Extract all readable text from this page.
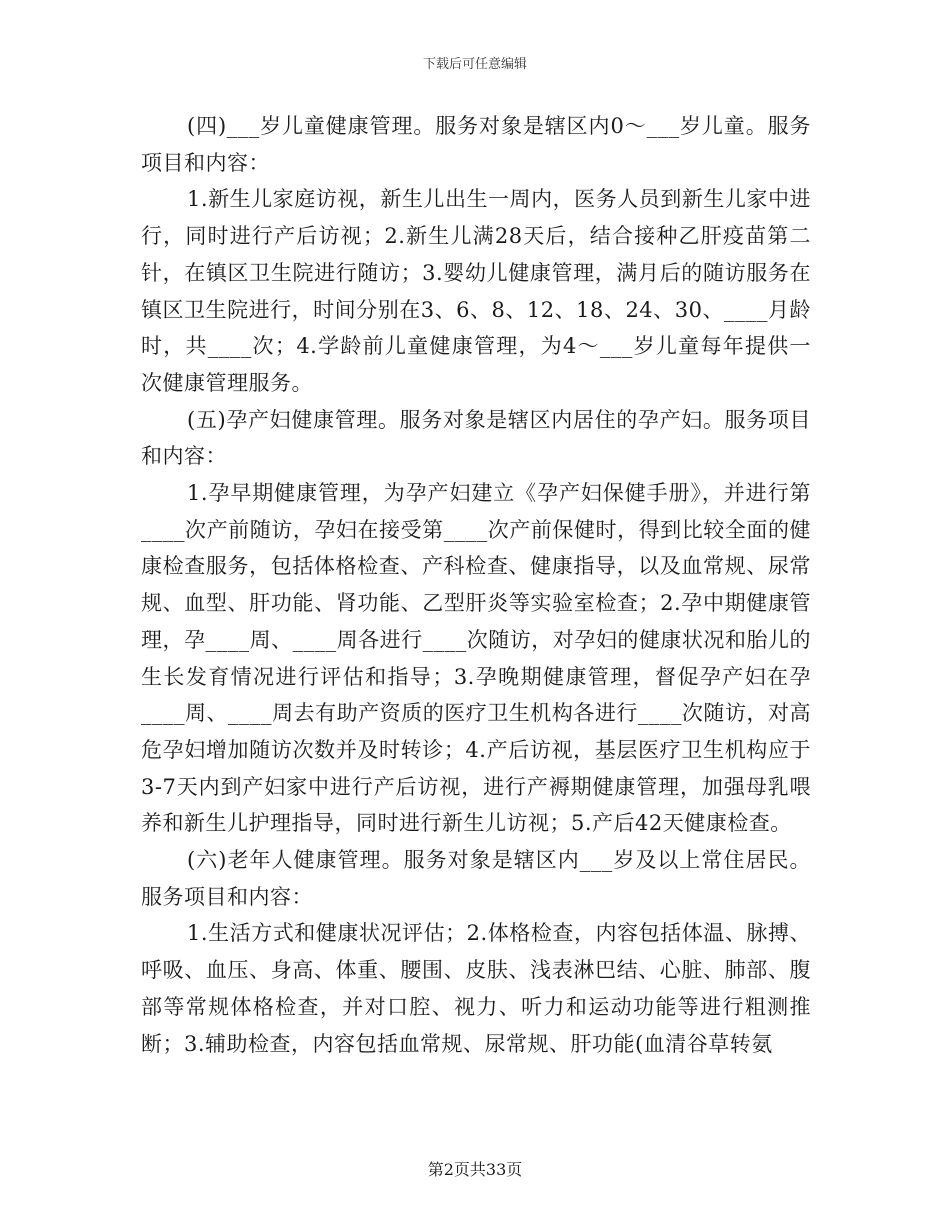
下载后可任意编辑

(四)___岁儿童健康管理。服务对象是辖区内0～___岁儿童。服务项目和内容：

1.新生儿家庭访视，新生儿出生一周内，医务人员到新生儿家中进行，同时进行产后访视；2.新生儿满28天后，结合接种乙肝疫苗第二针，在镇区卫生院进行随访；3.婴幼儿健康管理，满月后的随访服务在镇区卫生院进行，时间分别在3、6、8、12、18、24、30、____月龄时，共____次；4.学龄前儿童健康管理，为4～___岁儿童每年提供一次健康管理服务。

(五)孕产妇健康管理。服务对象是辖区内居住的孕产妇。服务项目和内容：

1.孕早期健康管理，为孕产妇建立《孕产妇保健手册》，并进行第____次产前随访，孕妇在接受第____次产前保健时，得到比较全面的健康检查服务，包括体格检查、产科检查、健康指导，以及血常规、尿常规、血型、肝功能、肾功能、乙型肝炎等实验室检查；2.孕中期健康管理，孕____周、____周各进行____次随访，对孕妇的健康状况和胎儿的生长发育情况进行评估和指导；3.孕晚期健康管理，督促孕产妇在孕____周、____周去有助产资质的医疗卫生机构各进行____次随访，对高危孕妇增加随访次数并及时转诊；4.产后访视，基层医疗卫生机构应于3-7天内到产妇家中进行产后访视，进行产褥期健康管理，加强母乳喂养和新生儿护理指导，同时进行新生儿访视；5.产后42天健康检查。

(六)老年人健康管理。服务对象是辖区内___岁及以上常住居民。服务项目和内容：

1.生活方式和健康状况评估；2.体格检查，内容包括体温、脉搏、呼吸、血压、身高、体重、腰围、皮肤、浅表淋巴结、心脏、肺部、腹部等常规体格检查，并对口腔、视力、听力和运动功能等进行粗测推断；3.辅助检查，内容包括血常规、尿常规、肝功能(血清谷草转氨

第2页共33页
